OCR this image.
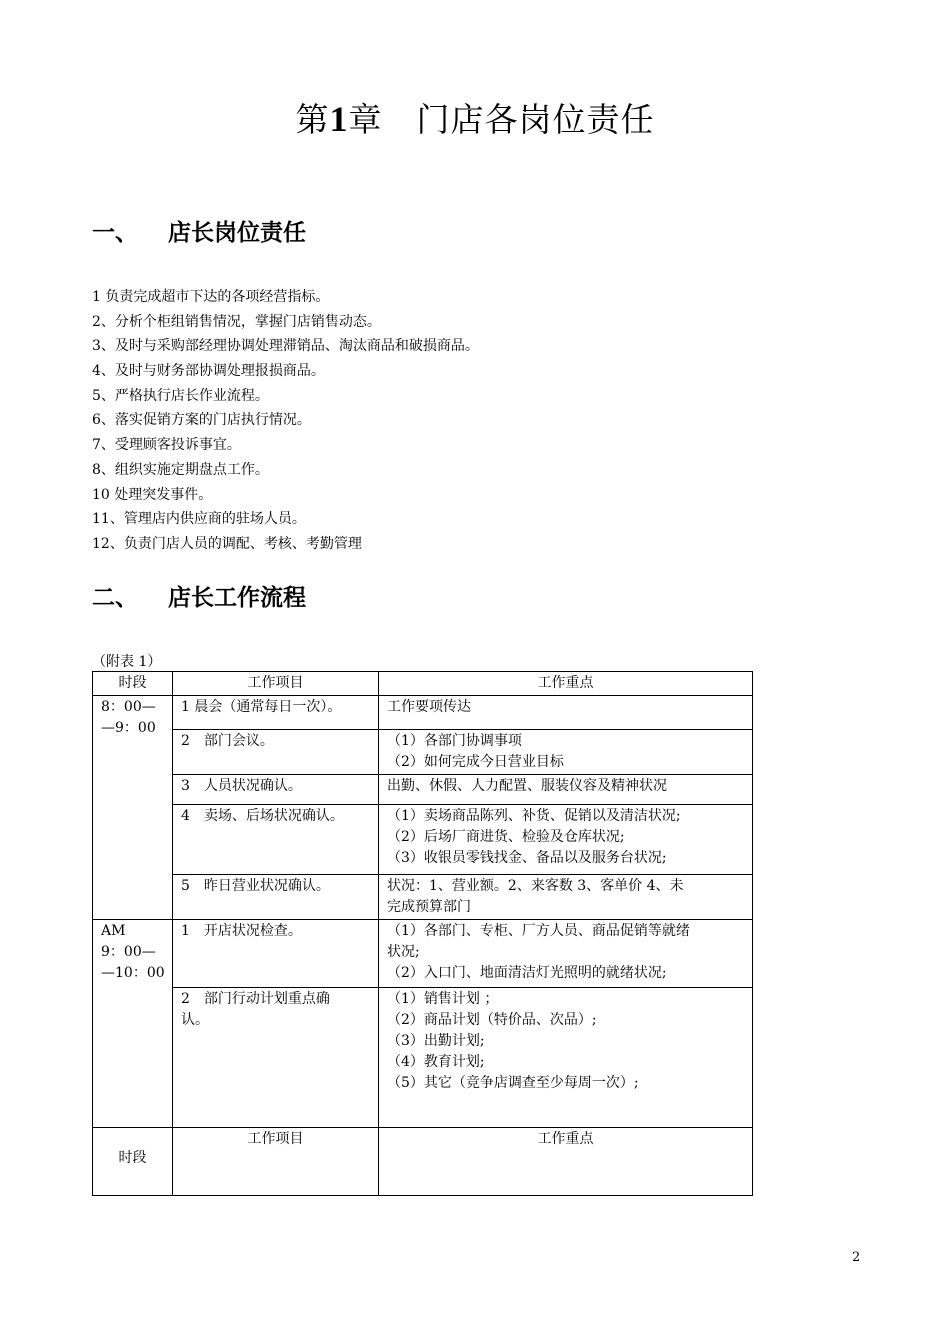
第1章　 门店各岗位责任
一、 店长岗位责任
1 负责完成超市下达的各项经营指标。
2、分析个柜组销售情况，掌握门店销售动态。
3、及时与采购部经理协调处理滞销品、淘汰商品和破损商品。
4、及时与财务部协调处理报损商品。
5、严格执行店长作业流程。
6、落实促销方案的门店执行情况。
7、受理顾客投诉事宜。
8、组织实施定期盘点工作。
10 处理突发事件。
11、管理店内供应商的驻场人员。
12、负责门店人员的调配、考核、考勤管理
二、 店长工作流程
（附表 1）
时段	工作项目	工作重点

8：00—
—9：00	1 晨会（通常每日一次）。	工作要项传达
	2　部门会议。	（1）各部门协调事项
（2）如何完成今日营业目标

	3　人员状况确认。	出勤、休假、人力配置、服装仪容及精神状况
	4　卖场、后场状况确认。	（1）卖场商品陈列、补货、促销以及清洁状况;
（2）后场厂商进货、检验及仓库状况;
（3）收银员零钱找金、备品以及服务台状况;

	5　昨日营业状况确认。	状况：1、营业额。2、来客数 3、客单价 4、未
完成预算部门

AM
9：00—
—10：00	1　开店状况检查。	（1）各部门、专柜、厂方人员、商品促销等就绪
状况;
（2）入口门、地面清洁灯光照明的就绪状况;

	2　部门行动计划重点确
认。	（1）销售计划 ；
（2）商品计划（特价品、次品）;
（3）出勤计划;
（4）教育计划;
（5）其它（竞争店调查至少每周一次）;

时段	工作项目	工作重点
2
